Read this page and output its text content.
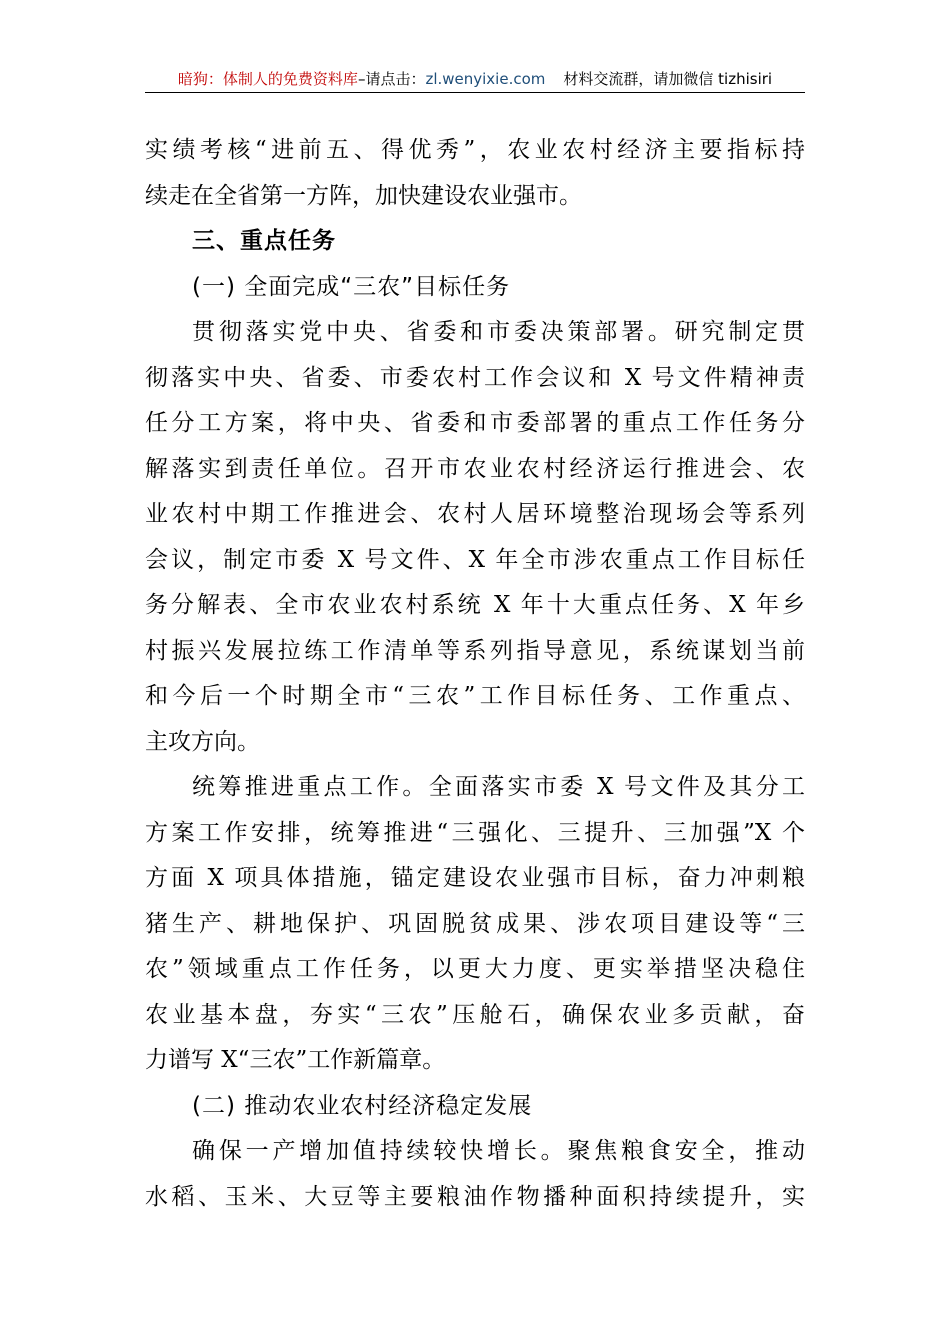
暗狗：体制人的免费资料库–请点击：zl.wenyixie.com 材料交流群，请加微信 tizhisiri
实绩考核“进前五、得优秀”，农业农村经济主要指标持
续走在全省第一方阵，加快建设农业强市。
三、重点任务
(一) 全面完成“三农”目标任务
贯彻落实党中央、省委和市委决策部署。研究制定贯
彻落实中央、省委、市委农村工作会议和 X 号文件精神责
任分工方案，将中央、省委和市委部署的重点工作任务分
解落实到责任单位。召开市农业农村经济运行推进会、农
业农村中期工作推进会、农村人居环境整治现场会等系列
会议，制定市委 X 号文件、X 年全市涉农重点工作目标任
务分解表、全市农业农村系统 X 年十大重点任务、X 年乡
村振兴发展拉练工作清单等系列指导意见，系统谋划当前
和今后一个时期全市“三农”工作目标任务、工作重点、
主攻方向。
统筹推进重点工作。全面落实市委 X 号文件及其分工
方案工作安排，统筹推进“三强化、三提升、三加强”X 个
方面 X 项具体措施，锚定建设农业强市目标，奋力冲刺粮
猪生产、耕地保护、巩固脱贫成果、涉农项目建设等“三
农”领域重点工作任务，以更大力度、更实举措坚决稳住
农业基本盘，夯实“三农”压舱石，确保农业多贡献，奋
力谱写 X“三农”工作新篇章。
(二) 推动农业农村经济稳定发展
确保一产增加值持续较快增长。聚焦粮食安全，推动
水稻、玉米、大豆等主要粮油作物播种面积持续提升，实
